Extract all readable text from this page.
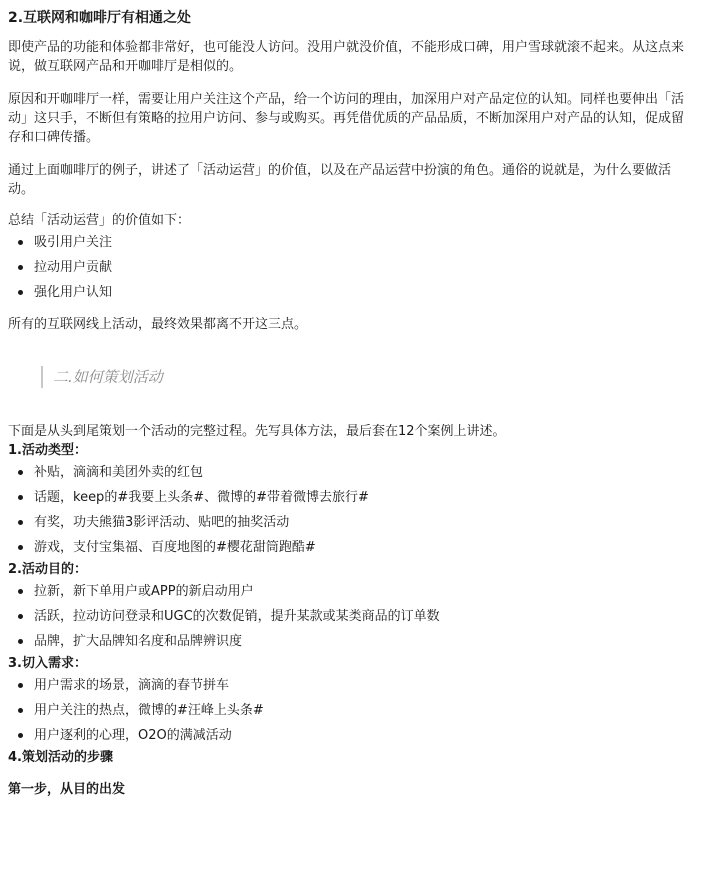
2.互联网和咖啡厅有相通之处

即使产品的功能和体验都非常好，也可能没人访问。没用户就没价值，不能形成口碑，用户雪球就滚不起来。从这点来说，做互联网产品和开咖啡厅是相似的。

原因和开咖啡厅一样，需要让用户关注这个产品，给一个访问的理由，加深用户对产品定位的认知。同样也要伸出「活动」这只手，不断但有策略的拉用户访问、参与或购买。再凭借优质的产品品质，不断加深用户对产品的认知，促成留存和口碑传播。

通过上面咖啡厅的例子，讲述了「活动运营」的价值，以及在产品运营中扮演的角色。通俗的说就是，为什么要做活动。

总结「活动运营」的价值如下：

吸引用户关注
拉动用户贡献
强化用户认知

所有的互联网线上活动，最终效果都离不开这三点。

二.如何策划活动

下面是从头到尾策划一个活动的完整过程。先写具体方法，最后套在12个案例上讲述。

1.活动类型：
补贴，滴滴和美团外卖的红包
话题，keep的#我要上头条#、微博的#带着微博去旅行#
有奖，功夫熊猫3影评活动、贴吧的抽奖活动
游戏，支付宝集福、百度地图的#樱花甜筒跑酷#
2.活动目的：
拉新，新下单用户或APP的新启动用户
活跃，拉动访问登录和UGC的次数促销，提升某款或某类商品的订单数
品牌，扩大品牌知名度和品牌辨识度
3.切入需求：
用户需求的场景，滴滴的春节拼车
用户关注的热点，微博的#汪峰上头条#
用户逐利的心理，O2O的满减活动
4.策划活动的步骤
第一步，从目的出发
